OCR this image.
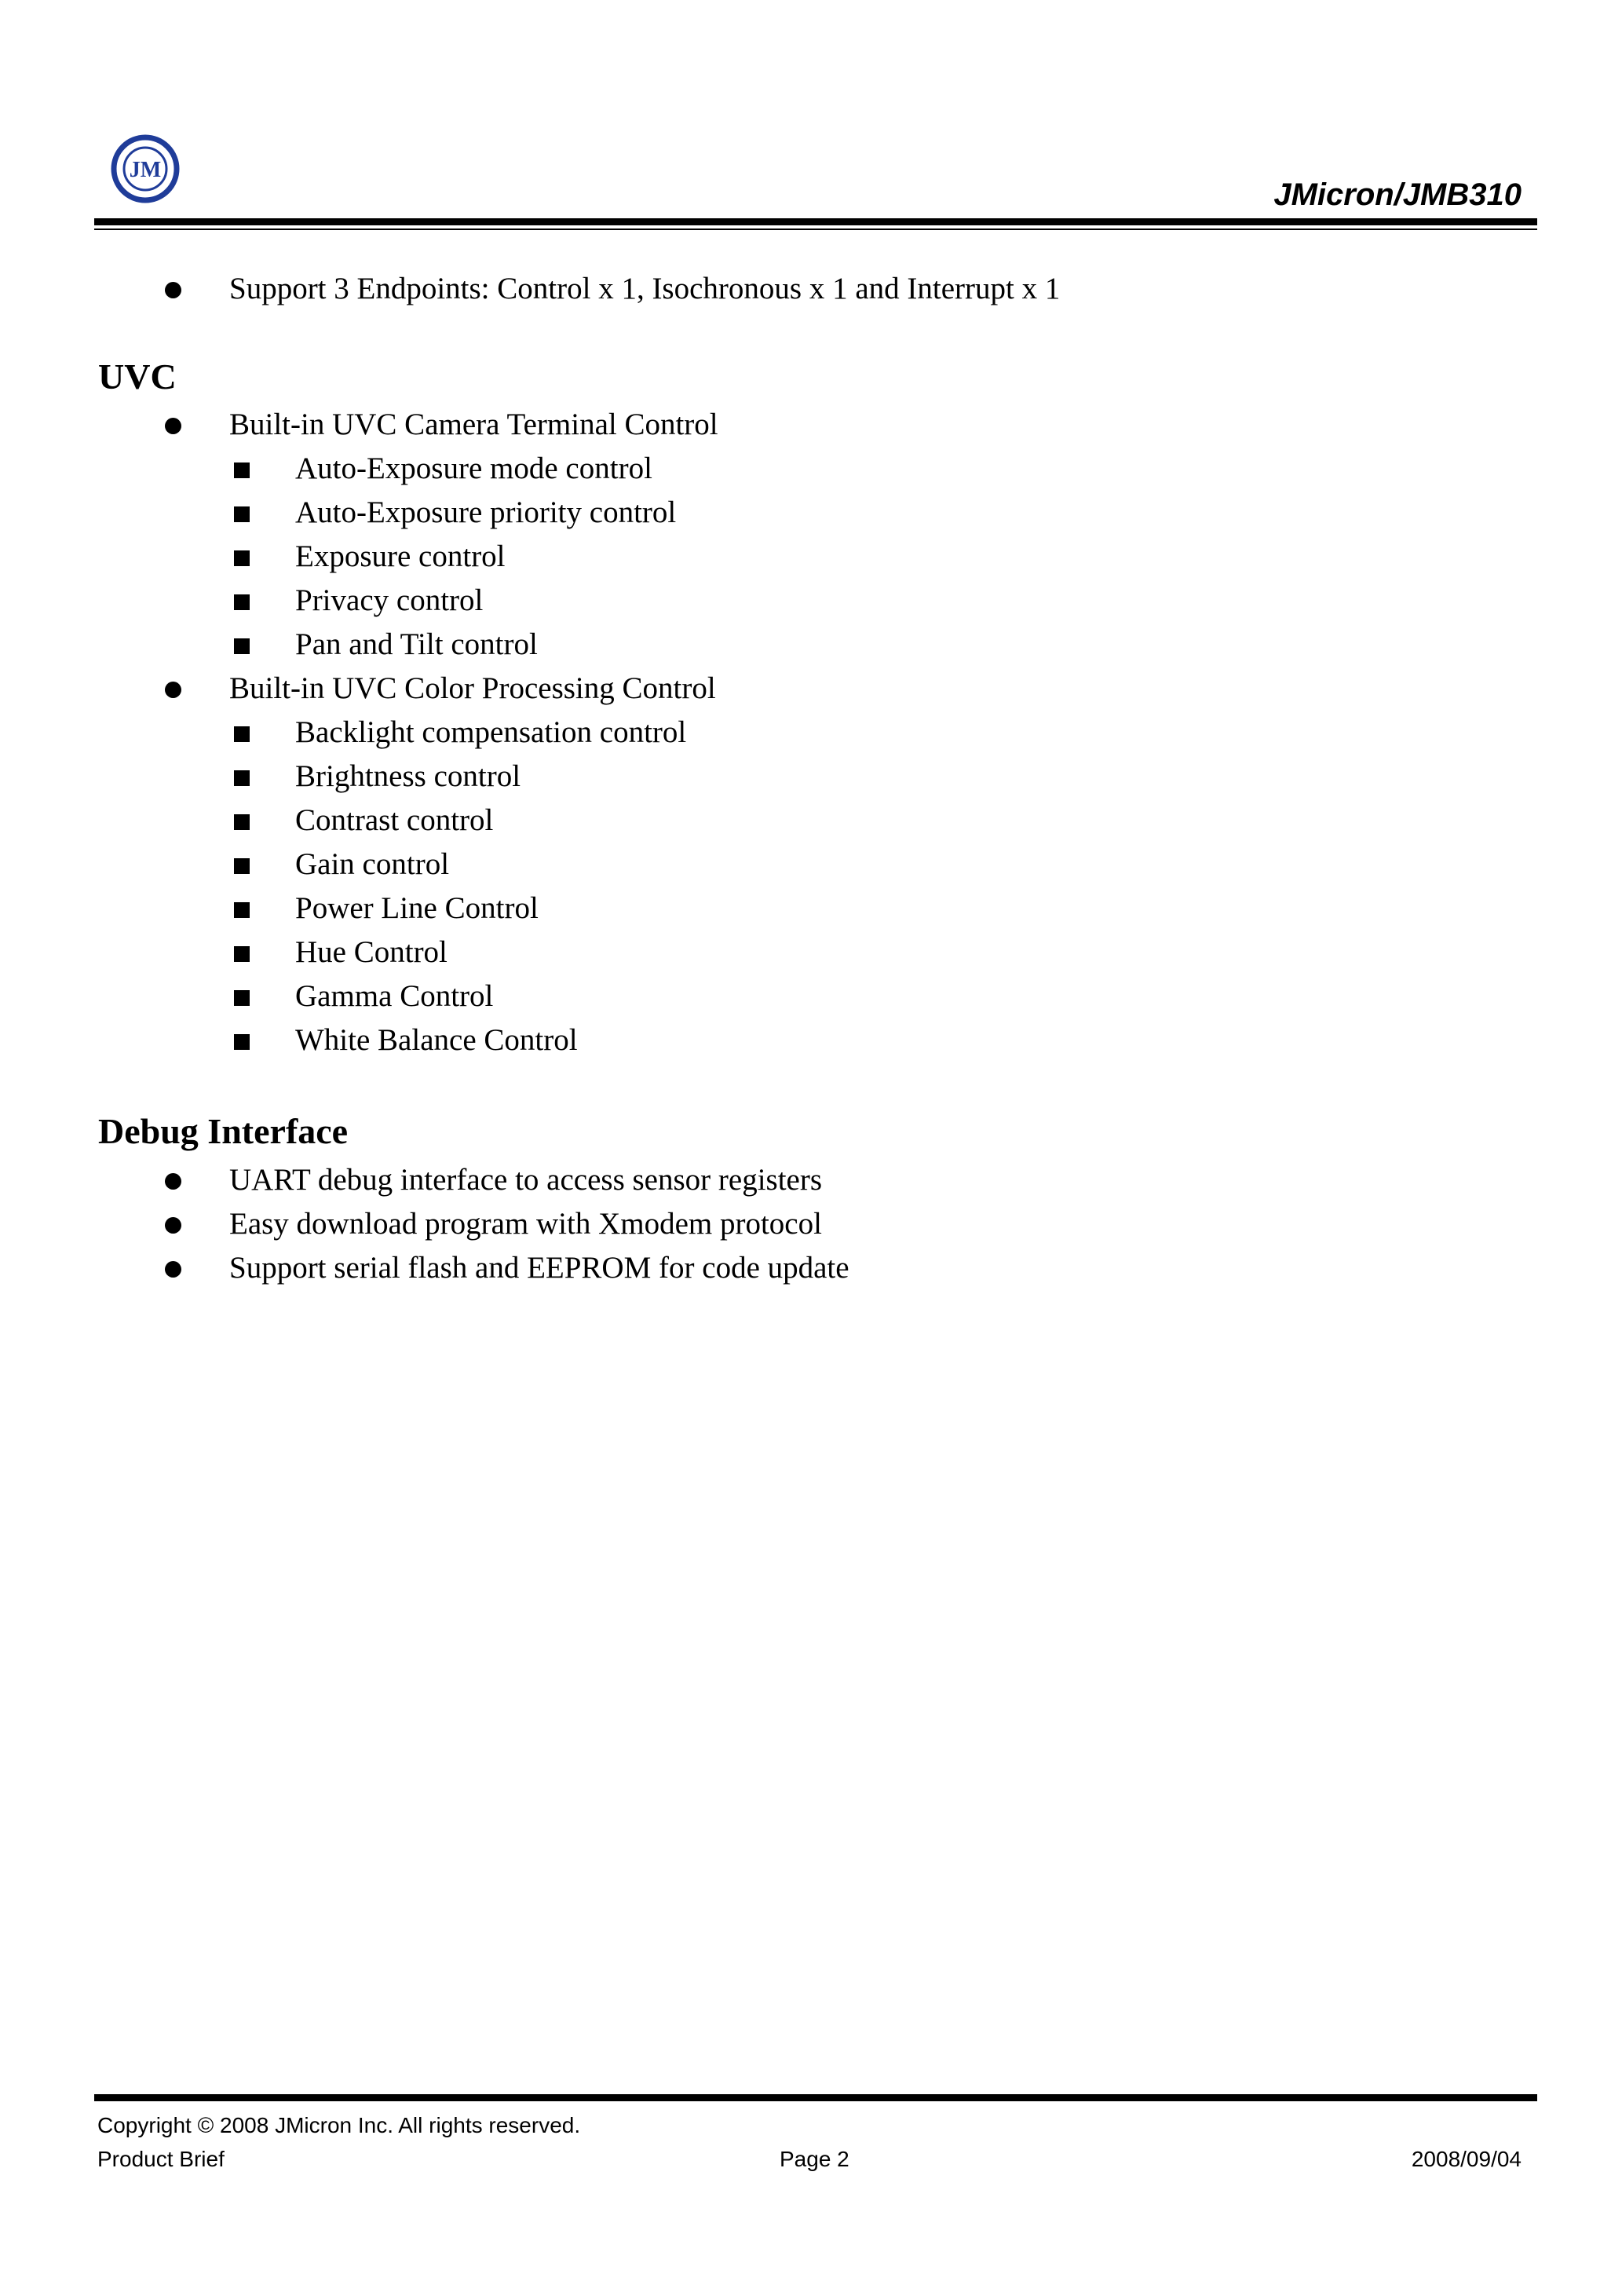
JM
JMicron/JMB310
Support 3 Endpoints: Control x 1, Isochronous x 1 and Interrupt x 1
UVC
Built-in UVC Camera Terminal Control
Auto-Exposure mode control
Auto-Exposure priority control
Exposure control
Privacy control
Pan and Tilt control
Built-in UVC Color Processing Control
Backlight compensation control
Brightness control
Contrast control
Gain control
Power Line Control
Hue Control
Gamma Control
White Balance Control
Debug Interface
UART debug interface to access sensor registers
Easy download program with Xmodem protocol
Support serial flash and EEPROM for code update
Copyright © 2008 JMicron Inc. All rights reserved.
Product Brief	Page 2	2008/09/04
